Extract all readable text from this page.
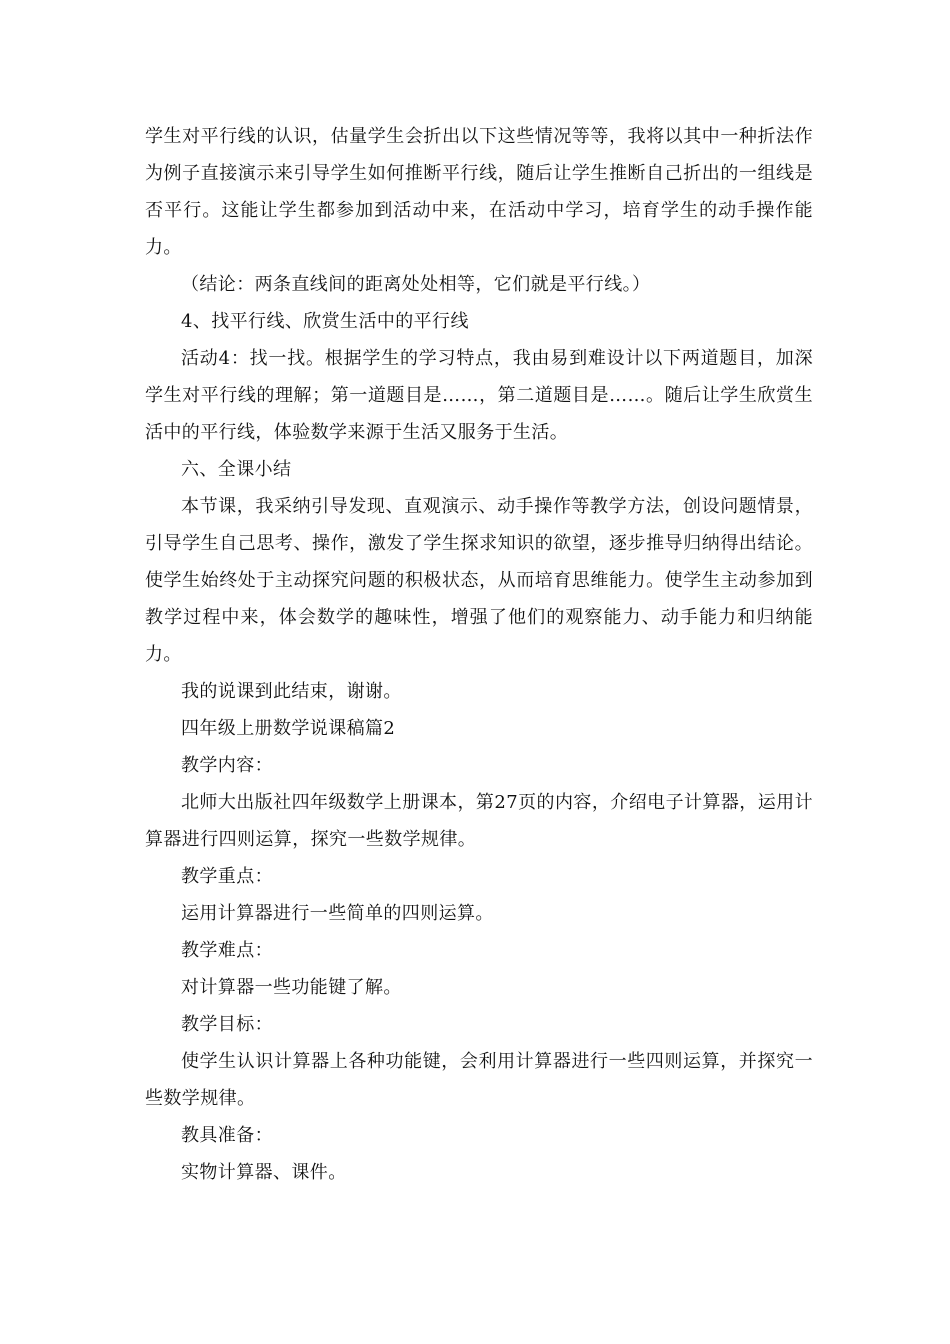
学生对平行线的认识，估量学生会折出以下这些情况等等，我将以其中一种折法作为例子直接演示来引导学生如何推断平行线，随后让学生推断自己折出的一组线是否平行。这能让学生都参加到活动中来，在活动中学习，培育学生的动手操作能力。

（结论：两条直线间的距离处处相等，它们就是平行线。）

4、找平行线、欣赏生活中的平行线

活动4：找一找。根据学生的学习特点，我由易到难设计以下两道题目，加深学生对平行线的理解；第一道题目是……，第二道题目是……。随后让学生欣赏生活中的平行线，体验数学来源于生活又服务于生活。

六、全课小结

本节课，我采纳引导发现、直观演示、动手操作等教学方法，创设问题情景，引导学生自己思考、操作，激发了学生探求知识的欲望，逐步推导归纳得出结论。使学生始终处于主动探究问题的积极状态，从而培育思维能力。使学生主动参加到教学过程中来，体会数学的趣味性，增强了他们的观察能力、动手能力和归纳能力。

我的说课到此结束，谢谢。

四年级上册数学说课稿篇2

教学内容：

北师大出版社四年级数学上册课本，第27页的内容，介绍电子计算器，运用计算器进行四则运算，探究一些数学规律。

教学重点：

运用计算器进行一些简单的四则运算。

教学难点：

对计算器一些功能键了解。

教学目标：

使学生认识计算器上各种功能键，会利用计算器进行一些四则运算，并探究一些数学规律。

教具准备：

实物计算器、课件。
